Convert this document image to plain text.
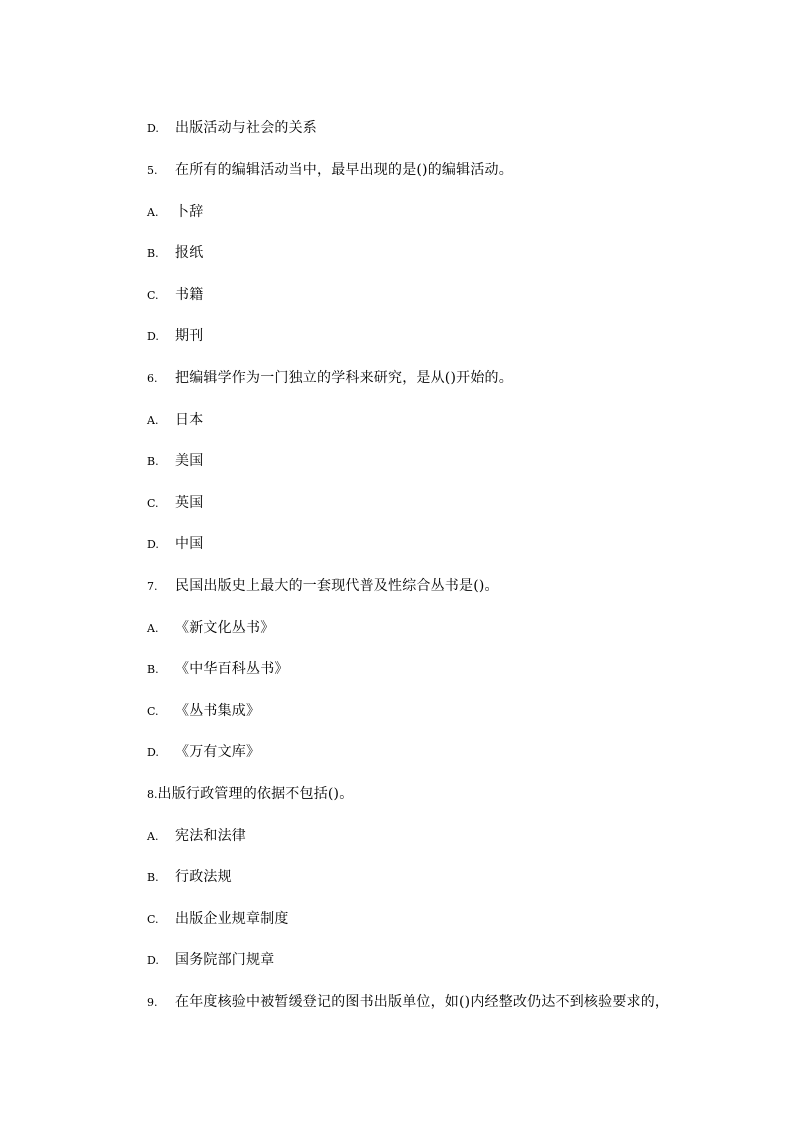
D. 出版活动与社会的关系
5. 在所有的编辑活动当中，最早出现的是()的编辑活动。
A. 卜辞
B. 报纸
C. 书籍
D. 期刊
6. 把编辑学作为一门独立的学科来研究，是从()开始的。
A. 日本
B. 美国
C. 英国
D. 中国
7. 民国出版史上最大的一套现代普及性综合丛书是()。
A. 《新文化丛书》
B. 《中华百科丛书》
C. 《丛书集成》
D. 《万有文库》
8.出版行政管理的依据不包括()。
A. 宪法和法律
B. 行政法规
C. 出版企业规章制度
D. 国务院部门规章
9. 在年度核验中被暂缓登记的图书出版单位，如()内经整改仍达不到核验要求的，
